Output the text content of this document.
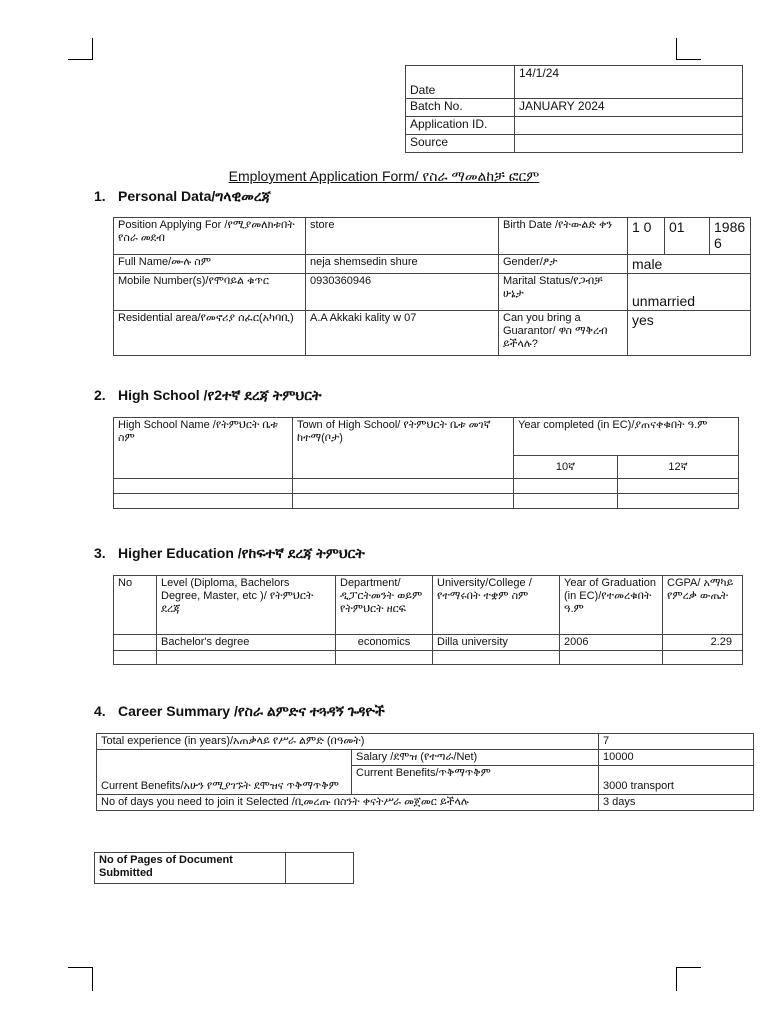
Date	14/1/24
Batch No.	JANUARY 2024
Application ID.	
Source	
Employment Application Form/ የስራ ማመልከቻ ፎርም
1. Personal Data/ግላዊመረጃ
Position Applying For /የሚያመለክቱበት የስራ መደብ	store	Birth Date /የትውልድ ቀን	1 0	01	1986 6
Full Name/ሙሉ ስም	neja shemsedin shure	Gender/ፆታ	male		
Mobile Number(s)/የሞባይል ቁጥር	0930360946	Marital Status/የጋብቻ ሁኔታ	unmarried		
Residential area/የመኖሪያ ሰፈር(አካባቢ)	A.A Akkaki kality w 07	Can you bring a Guarantor/ ዋስ ማቅረብ ይችላሉ?	yes		
2. High School /የ2ተኛ ደረጃ ትምህርት
High School Name /የትምህርት ቤቱ ስም	Town of High School/ የትምህርት ቤቱ መገኛ ከተማ(ቦታ)	Year completed (in EC)/ያጠናቀቁበት ዓ.ም	
		10ኛ	12ኛ

3. Higher Education /የከፍተኛ ደረጃ ትምህርት
No	Level (Diploma, Bachelors Degree, Master, etc )/ የትምህርት ደረጃ	Department/ ዲፓርትመንት ወይም የትምህርት ዘርፍ	University/College / የተማሩበት ተቋም ስም	Year of Graduation (in EC)/የተመረቁበት ዓ.ም	CGPA/ አማካይ የምረቃ ውጤት
	Bachelor's degree	economics	Dilla university	2006	2.29

4. Career Summary /የስራ ልምድና ተጓዳኝ ጉዳዮች
Total experience (in years)/አጠቃላይ የሥራ ልምድ (በዓመት)		7
Current Benefits/አሁን የሚያገኙት ደሞዝና ጥቅማጥቅም	Salary /ደሞዝ (የተጣራ/Net)	10000
	Current Benefits/ጥቅማጥቅም	3000 transport
No of days you need to join it Selected /ቢመረጡ በስንት ቀናትሥራ መጀመር ይችላሉ		3 days
No of Pages of Document Submitted	
